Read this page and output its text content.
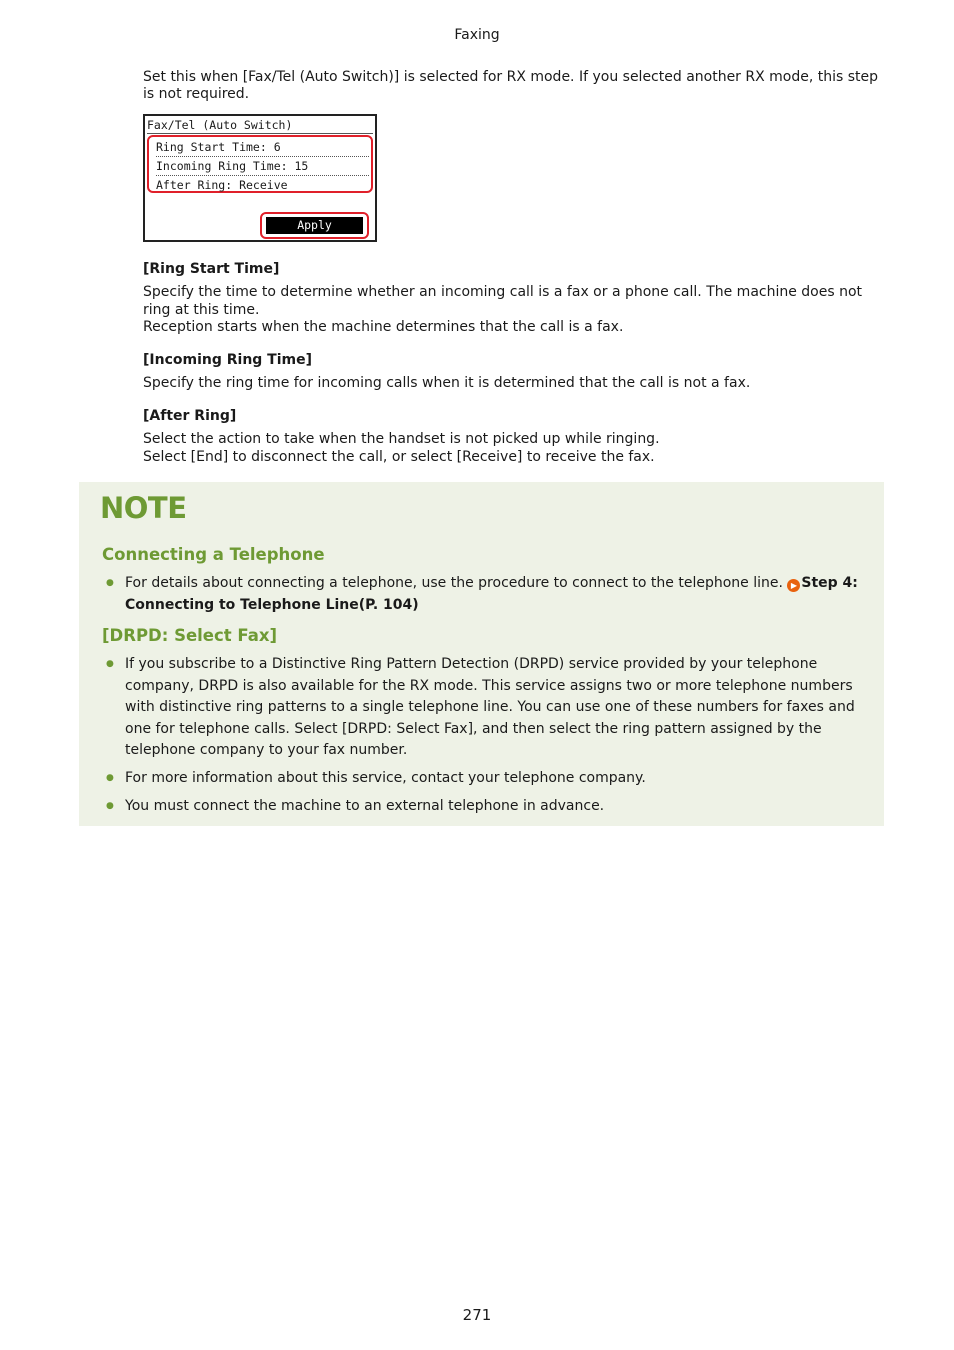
Faxing
Set this when [Fax/Tel (Auto Switch)] is selected for RX mode. If you selected another RX mode, this step is not required.
Fax/Tel (Auto Switch)
Ring Start Time: 6
Incoming Ring Time: 15
After Ring: Receive
Apply
[Ring Start Time]
Specify the time to determine whether an incoming call is a fax or a phone call. The machine does not ring at this time.
Reception starts when the machine determines that the call is a fax.
[Incoming Ring Time]
Specify the ring time for incoming calls when it is determined that the call is not a fax.
[After Ring]
Select the action to take when the handset is not picked up while ringing.
Select [End] to disconnect the call, or select [Receive] to receive the fax.
NOTE
Connecting a Telephone
● For details about connecting a telephone, use the procedure to connect to the telephone line. ▶ Step 4: Connecting to Telephone Line(P. 104)
[DRPD: Select Fax]
● If you subscribe to a Distinctive Ring Pattern Detection (DRPD) service provided by your telephone company, DRPD is also available for the RX mode. This service assigns two or more telephone numbers with distinctive ring patterns to a single telephone line. You can use one of these numbers for faxes and one for telephone calls. Select [DRPD: Select Fax], and then select the ring pattern assigned by the telephone company to your fax number.
● For more information about this service, contact your telephone company.
● You must connect the machine to an external telephone in advance.
271
